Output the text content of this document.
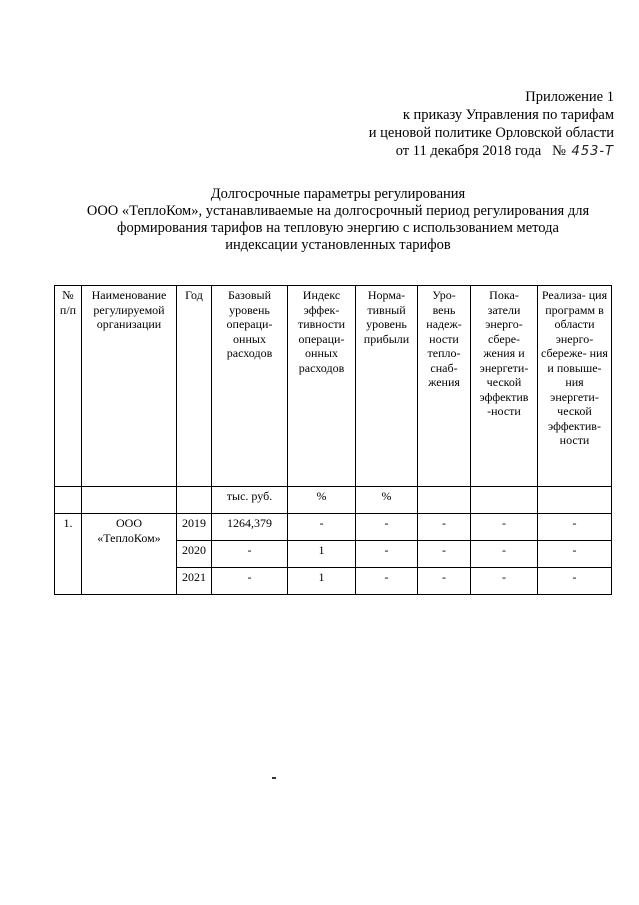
Приложение 1
к приказу Управления по тарифам
и ценовой политике Орловской области
от 11 декабря 2018 года № 453-Т
Долгосрочные параметры регулирования
ООО «ТеплоКом», устанавливаемые на долгосрочный период регулирования для
формирования тарифов на тепловую энергию с использованием метода
индексации установленных тарифов
№ п/п	Наименование регулируемой организации	Год	Базовый уровень операци- онных расходов	Индекс эффек- тивности операци- онных расходов	Норма- тивный уровень прибыли	Уро- вень надеж- ности тепло- снаб- жения	Пока- затели энерго- сбере- жения и энергети- ческой эффектив -ности	Реализа- ция программ в области энерго- сбереже- ния и повыше- ния энергети- ческой эффектив- ности
			тыс. руб.	%	%			
1.	ООО «ТеплоКом»	2019	1264,379	-	-	-	-	-
		2020	-	1	-	-	-	-
		2021	-	1	-	-	-	-
